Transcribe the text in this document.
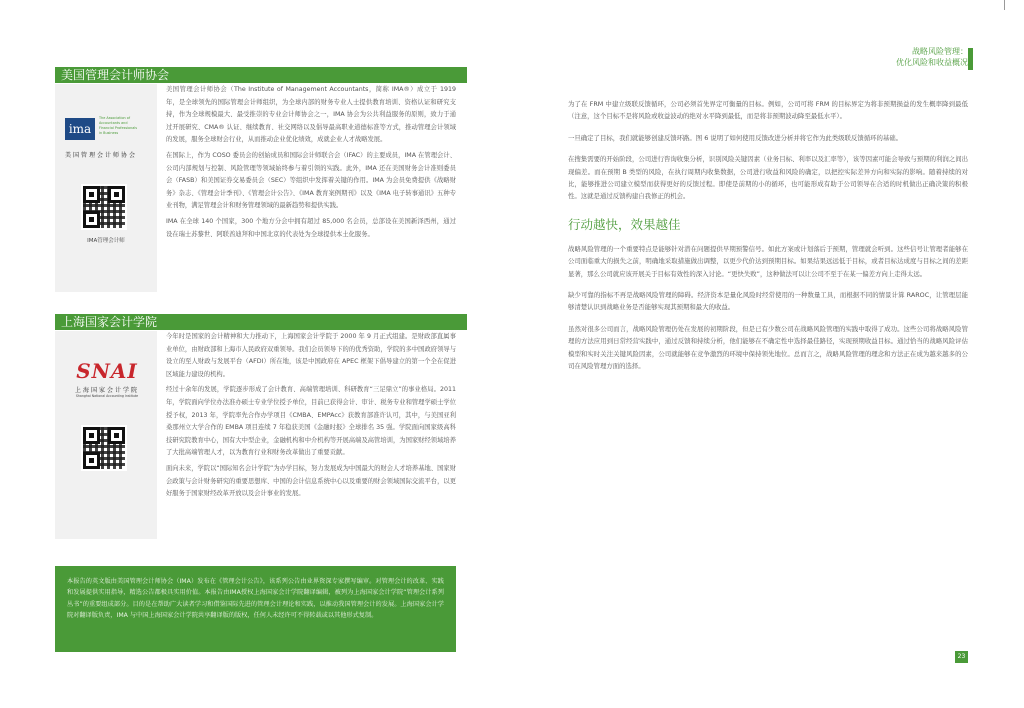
战略风险管理：
优化风险和收益概况
美国管理会计师协会
ima
The Association of
Accountants and
Financial Professionals
in Business
美国管理会计师协会
IMA管理会计师

美国管理会计师协会（The Institute of Management Accountants，简称 IMA®）成立于 1919 年，是全球领先的国际管理会计师组织，为全球内部的财务专业人士提供教育培训、资格认证和研究支持，作为全球规模最大、最受推崇的专业会计师协会之一，IMA 协会为公共利益服务的原则，致力于通过开展研究、CMA® 认证、继续教育、社交网络以及倡导最高职业道德标准等方式，推动管理会计领域的发展，服务全球财会行业，从而推动企业优化绩效，成就企业人才战略发展。

在国际上，作为 COSO 委员会的创始成员和国际会计师联合会（IFAC）的主要成员，IMA 在管理会计、公司内部规划与控制、风险管理等领域始终参与着引领的实践。此外，IMA 还在美国财务会计准则委员会（FASB）和美国证券交易委员会（SEC）等组织中发挥着关键的作用。IMA 为会员免费提供《战略财务》杂志、《管理会计季刊》、《管理会计公告》、《IMA 教育案例期刊》以及《IMA 电子转事通讯》五种专业刊物，满足管理会计和财务管理领域的最新趋势和提供实践。

IMA 在全球 140 个国家，300 个地方分会中拥有超过 85,000 名会员，总部设在美国新泽西州，通过设在瑞士苏黎世、阿联酋迪拜和中国北京的代表处为全球提供本土化服务。

上海国家会计学院
SNAI
上海国家会计学院
Shanghai National Accounting Institute

今年时是国家的会计精神和大力推动下，上海国家会计学院于 2000 年 9 月正式组建。是财政部直属事业单位，由财政部和上海市人民政府双重领导。我们会员领导下的的优秀资助，学院的多中国政府领导与设立的至人财政与发展平台（AFDI）所在地，该是中国政府在 APEC 框架下倡导建立的第一个全在促进区域能力建设的机构。

经过十余年的发展，学院逐步形成了会计教育、高端管理培训、科研教育“三足鼎立”的事业格局。2011 年，学院面向学位办法准办硕士专业学位授予单位，目前已获得会计、审计、税务专业和管理学硕士学位授予权，2013 年，学院率先合作办学项目《CMBA、EMPAcc》获教育部准许认可，其中，与美国亚利桑那州立大学合作的 EMBA 项目连续 7 年稳获美国《金融时报》全球排名 35 强。学院面向国家级高科技研究院教育中心，国有大中型企业，金融机构和中介机构等开展高端及高管培训，为国家财经领域培养了大批高端管理人才，以为教育行业和财务改革做出了重要贡献。

面向未来，学院以“国际知名会计学院”为办学目标，努力发展成为中国最大的财会人才培养基地、国家财会政策与会计财务研究的重要思想库、中国的会计信息系统中心以及重要的财会领域国际交流平台，以更好服务于国家财经改革开放以及会计事业的发展。

本报告的英文版由美国管理会计师协会（IMA）发布在《管理会计公告》，该系列公告由业界资深专家撰写编审。对管理会计的改革、实践和发展提供实用指导，精选公告都极具实用价值。本报告由IMA授权上海国家会计学院翻译编辑，被列为上海国家会计学院“管理会计系列丛书”的重要组成部分。目的是在帮助广大读者学习和借鉴国际先进的管理会计理论和实践，以推动我国管理会计的发展。上海国家会计学院对翻译版负责，IMA 与中国上海国家会计学院共享翻译版的版权，任何人未经许可不得转载或以其他形式复制。

为了在 FRM 中建立级联反馈循环，公司必须首先界定可衡量的目标。例如，公司可将 FRM 的目标界定为将非预期损益的发生概率降到最低（注意，这个目标不是将风险或收益波动的绝对水平降到最低，而是将非预期波动降至最低水平）。

一旦确定了目标，我们就能够创建反馈环路。图 6 说明了如何使用反馈改进分析并将它作为此类级联反馈循环的基础。

在搜集需要的开始阶段，公司进行咨询收集分析，识别风险关键因素（业务目标、利率以及汇率等），该等因素可能会导致与预期的利润之间出现偏差。而在预期 B 类型的风险，在执行周期内收集数据，公司进行收益和风险的确定，以把控实际差异方向和实际的影响。随着持续的对比，能够推进公司建立模型而获得更好的反馈过程。即使是前期的小的循环，也可能形成有助于公司领导在合适的时机做出正确决策的积极性。这就是通过反馈构建自我修正的机会。

行动越快，效果越佳

战略风险管理的一个重要特点是能够针对潜在问题提供早期预警信号。如此方案或计划落后于预期，管理就会听到。这些信号让管理者能够在公司面临重大的损失之前，明确地采取措施做出调整，以更少代价达到预期目标。如果结果远远低于目标，或者目标达成度与目标之间的差距显著，那么公司就应该开展关于目标有效性的深入讨论。“更快失败”，这种做法可以让公司不至于在某一偏差方向上走得太远。

缺少可靠的指标不再是战略风险管理的障碍。经济资本是量化风险时经常使用的一种数量工具，而根据不同的情景计算 RAROC，让管理层能够清楚认识到战略业务是否能够实现其预期和最大的收益。

虽然对很多公司而言，战略风险管理仍处在发展的初期阶段，但是已有少数公司在战略风险管理的实践中取得了成功。这些公司将战略风险管理的方法应用到日常经营实践中，通过反馈和持续分析，他们能够在不确定性中选择最佳路径，实现预期收益目标。通过恰当的战略风险评估模型和实时关注关键风险因素，公司就能够在竞争激烈的环境中保持领先地位。总而言之，战略风险管理的理念和方法正在成为越来越多的公司在风险管理方面的选择。

23
